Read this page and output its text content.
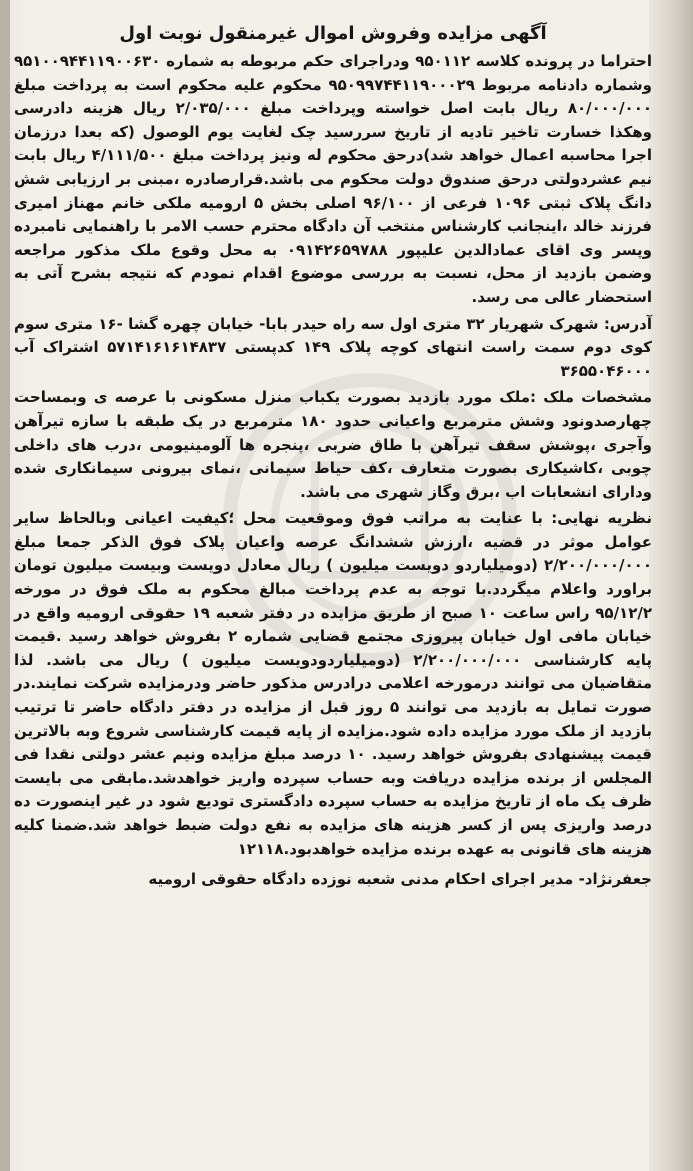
آگهی مزایده وفروش اموال غیرمنقول نوبت اول

احتراما در پرونده کلاسه ۹۵۰۱۱۲ ودراجرای حکم مربوطه به شماره ۹۵۱۰۰۹۴۴۱۱۹۰۰۶۳۰ وشماره دادنامه مربوط ۹۵۰۹۹۷۴۴۱۱۹۰۰۰۲۹ محکوم علیه محکوم است به پرداخت مبلغ ۸۰/۰۰۰/۰۰۰ ریال بابت اصل خواسته وپرداخت مبلغ ۲/۰۳۵/۰۰۰ ریال هزینه دادرسی وهکذا خسارت تاخیر تادیه از تاریخ سررسید چک لغایت یوم الوصول (که بعدا درزمان اجرا محاسبه اعمال خواهد شد)درحق محکوم له ونیز پرداخت مبلغ ۴/۱۱۱/۵۰۰ ریال بابت نیم عشردولتی درحق صندوق دولت محکوم می باشد.قرارصادره ،مبنی بر ارزیابی شش دانگ پلاک ثبتی ۱۰۹۶ فرعی از ۹۶/۱۰۰ اصلی بخش ۵ ارومیه ملکی خانم مهناز امیری فرزند خالد ،اینجانب کارشناس منتخب آن دادگاه محترم حسب الامر با راهنمایی نامبرده وپسر وی اقای عمادالدین علیپور ۰۹۱۴۲۶۵۹۷۸۸ به محل وقوع ملک مذکور مراجعه وضمن بازدید از محل، نسبت به بررسی موضوع اقدام نمودم که نتیجه بشرح آتی به استحضار عالی می رسد.

آدرس: شهرک شهریار ۳۲ متری اول سه راه حیدر بابا- خیابان چهره گشا -۱۶ متری سوم کوی دوم سمت راست انتهای کوچه پلاک ۱۴۹ کدپستی ۵۷۱۴۱۶۱۶۱۴۸۳۷ اشتراک آب ۳۶۵۵۰۴۶۰۰۰

مشخصات ملک :ملک مورد بازدید بصورت یکباب منزل مسکونی با عرصه ی وبمساحت چهارصدونود وشش مترمربع واعیانی حدود ۱۸۰ مترمربع در یک طبقه با سازه تیرآهن وآجری ،پوشش سقف تیرآهن با طاق ضربی ،پنجره ها آلومینیومی ،درب های داخلی چوبی ،کاشیکاری بصورت متعارف ،کف حیاط سیمانی ،نمای بیرونی سیمانکاری شده ودارای انشعابات اب ،برق وگاز شهری می باشد.

نظریه نهایی: با عنایت به مراتب فوق وموقعیت محل ؛کیفیت اعیانی وبالحاظ سایر عوامل موثر در قضیه ،ارزش ششدانگ عرصه واعیان پلاک فوق الذکر جمعا مبلغ ۲/۲۰۰/۰۰۰/۰۰۰ (دومیلیاردو دویست میلیون ) ریال معادل دویست وبیست میلیون تومان براورد واعلام میگردد.با توجه به عدم پرداخت مبالغ محکوم به ملک فوق در مورخه ۹۵/۱۲/۲ راس ساعت ۱۰ صبح از طریق مزایده در دفتر شعبه ۱۹ حقوقی ارومیه واقع در خیابان مافی اول خیابان پیروزی مجتمع قضایی شماره ۲ بفروش خواهد رسید .قیمت پایه کارشناسی ۲/۲۰۰/۰۰۰/۰۰۰ (دومیلیاردودویست میلیون ) ریال می باشد. لذا متقاضیان می توانند درمورخه اعلامی درادرس مذکور حاضر ودرمزایده شرکت نمایند.در صورت تمایل به بازدید می توانند ۵ روز قبل از مزایده در دفتر دادگاه حاضر تا ترتیب بازدید از ملک مورد مزایده داده شود.مزایده از پایه قیمت کارشناسی شروع وبه بالاترین قیمت پیشنهادی بفروش خواهد رسید. ۱۰ درصد مبلغ مزایده ونیم عشر دولتی نقدا فی المجلس از برنده مزایده دریافت وبه حساب سپرده واریز خواهدشد.مابقی می بایست ظرف یک ماه از تاریخ مزایده به حساب سپرده دادگستری تودیع شود در غیر اینصورت ده درصد واریزی پس از کسر هزینه های مزایده به نفع دولت ضبط خواهد شد.ضمنا کلیه هزینه های قانونی به عهده برنده مزایده خواهدبود.۱۲۱۱۸

جعفرنژاد- مدیر اجرای احکام مدنی شعبه نوزده دادگاه حقوقی ارومیه
